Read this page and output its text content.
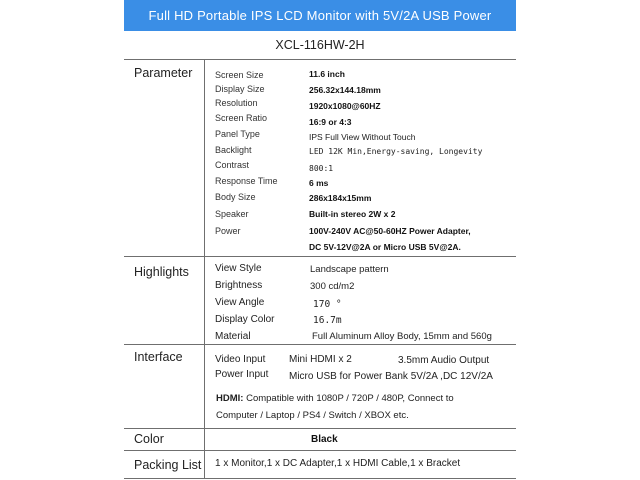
Full HD Portable IPS LCD Monitor with 5V/2A USB Power
XCL-116HW-2H
Parameter	Screen Size	11.6 inch
Display Size	256.32x144.18mm
Resolution	1920x1080@60HZ
Screen Ratio	16:9 or 4:3
Panel Type	IPS Full View Without Touch
Backlight	LED 12K Min,Energy-saving, Longevity
Contrast	800:1
Response Time	6 ms
Body Size	286x184x15mm
Speaker	Built-in stereo 2W x 2
Power	100V-240V AC@50-60HZ Power Adapter,
DC 5V-12V@2A or Micro USB 5V@2A.
Highlights	View Style	Landscape pattern
Brightness	300 cd/m2
View Angle	170 °
Display Color	16.7m
Material	Full Aluminum Alloy Body, 15mm and 560g
Interface	Video Input Mini HDMI x 2	3.5mm Audio Output
Power Input Micro USB for Power Bank 5V/2A ,DC 12V/2A
HDMI: Compatible with 1080P / 720P / 480P, Connect to
Computer / Laptop / PS4 / Switch / XBOX etc.
Color	Black
Packing List 1 x Monitor,1 x DC Adapter,1 x HDMI Cable,1 x Bracket
